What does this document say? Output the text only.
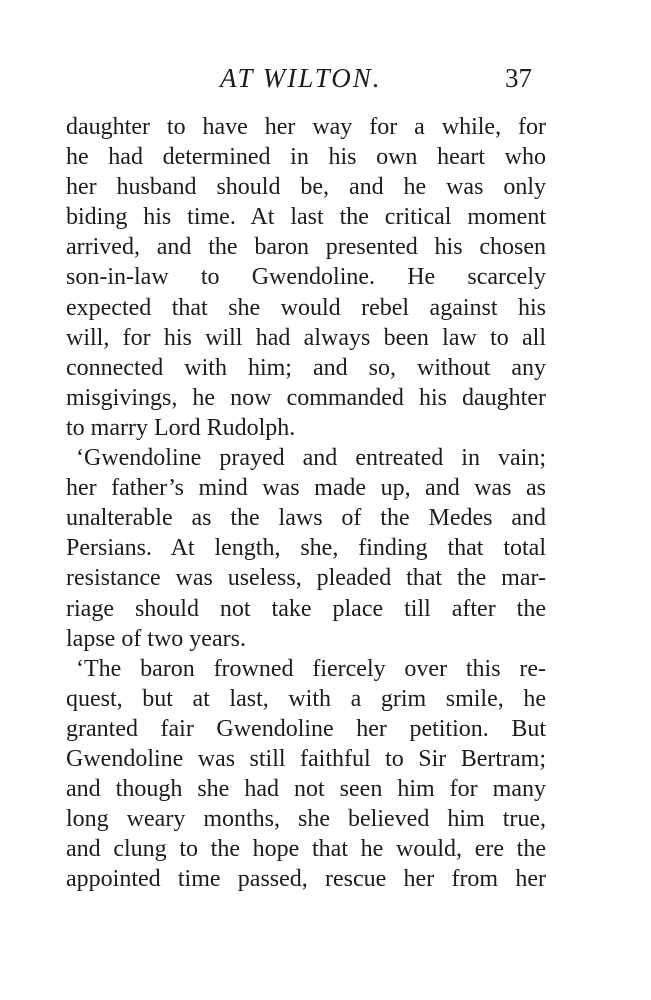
AT WILTON.	37
daughter to have her way for a while, for
he had determined in his own heart who
her husband should be, and he was only
biding his time. At last the critical moment
arrived, and the baron presented his chosen
son-in-law to Gwendoline. He scarcely
expected that she would rebel against his
will, for his will had always been law to all
connected with him; and so, without any
misgivings, he now commanded his daughter
to marry Lord Rudolph.
‘Gwendoline prayed and entreated in vain;
her father’s mind was made up, and was as
unalterable as the laws of the Medes and
Persians. At length, she, finding that total
resistance was useless, pleaded that the mar-
riage should not take place till after the
lapse of two years.
‘The baron frowned fiercely over this re-
quest, but at last, with a grim smile, he
granted fair Gwendoline her petition. But
Gwendoline was still faithful to Sir Bertram;
and though she had not seen him for many
long weary months, she believed him true,
and clung to the hope that he would, ere the
appointed time passed, rescue her from her
